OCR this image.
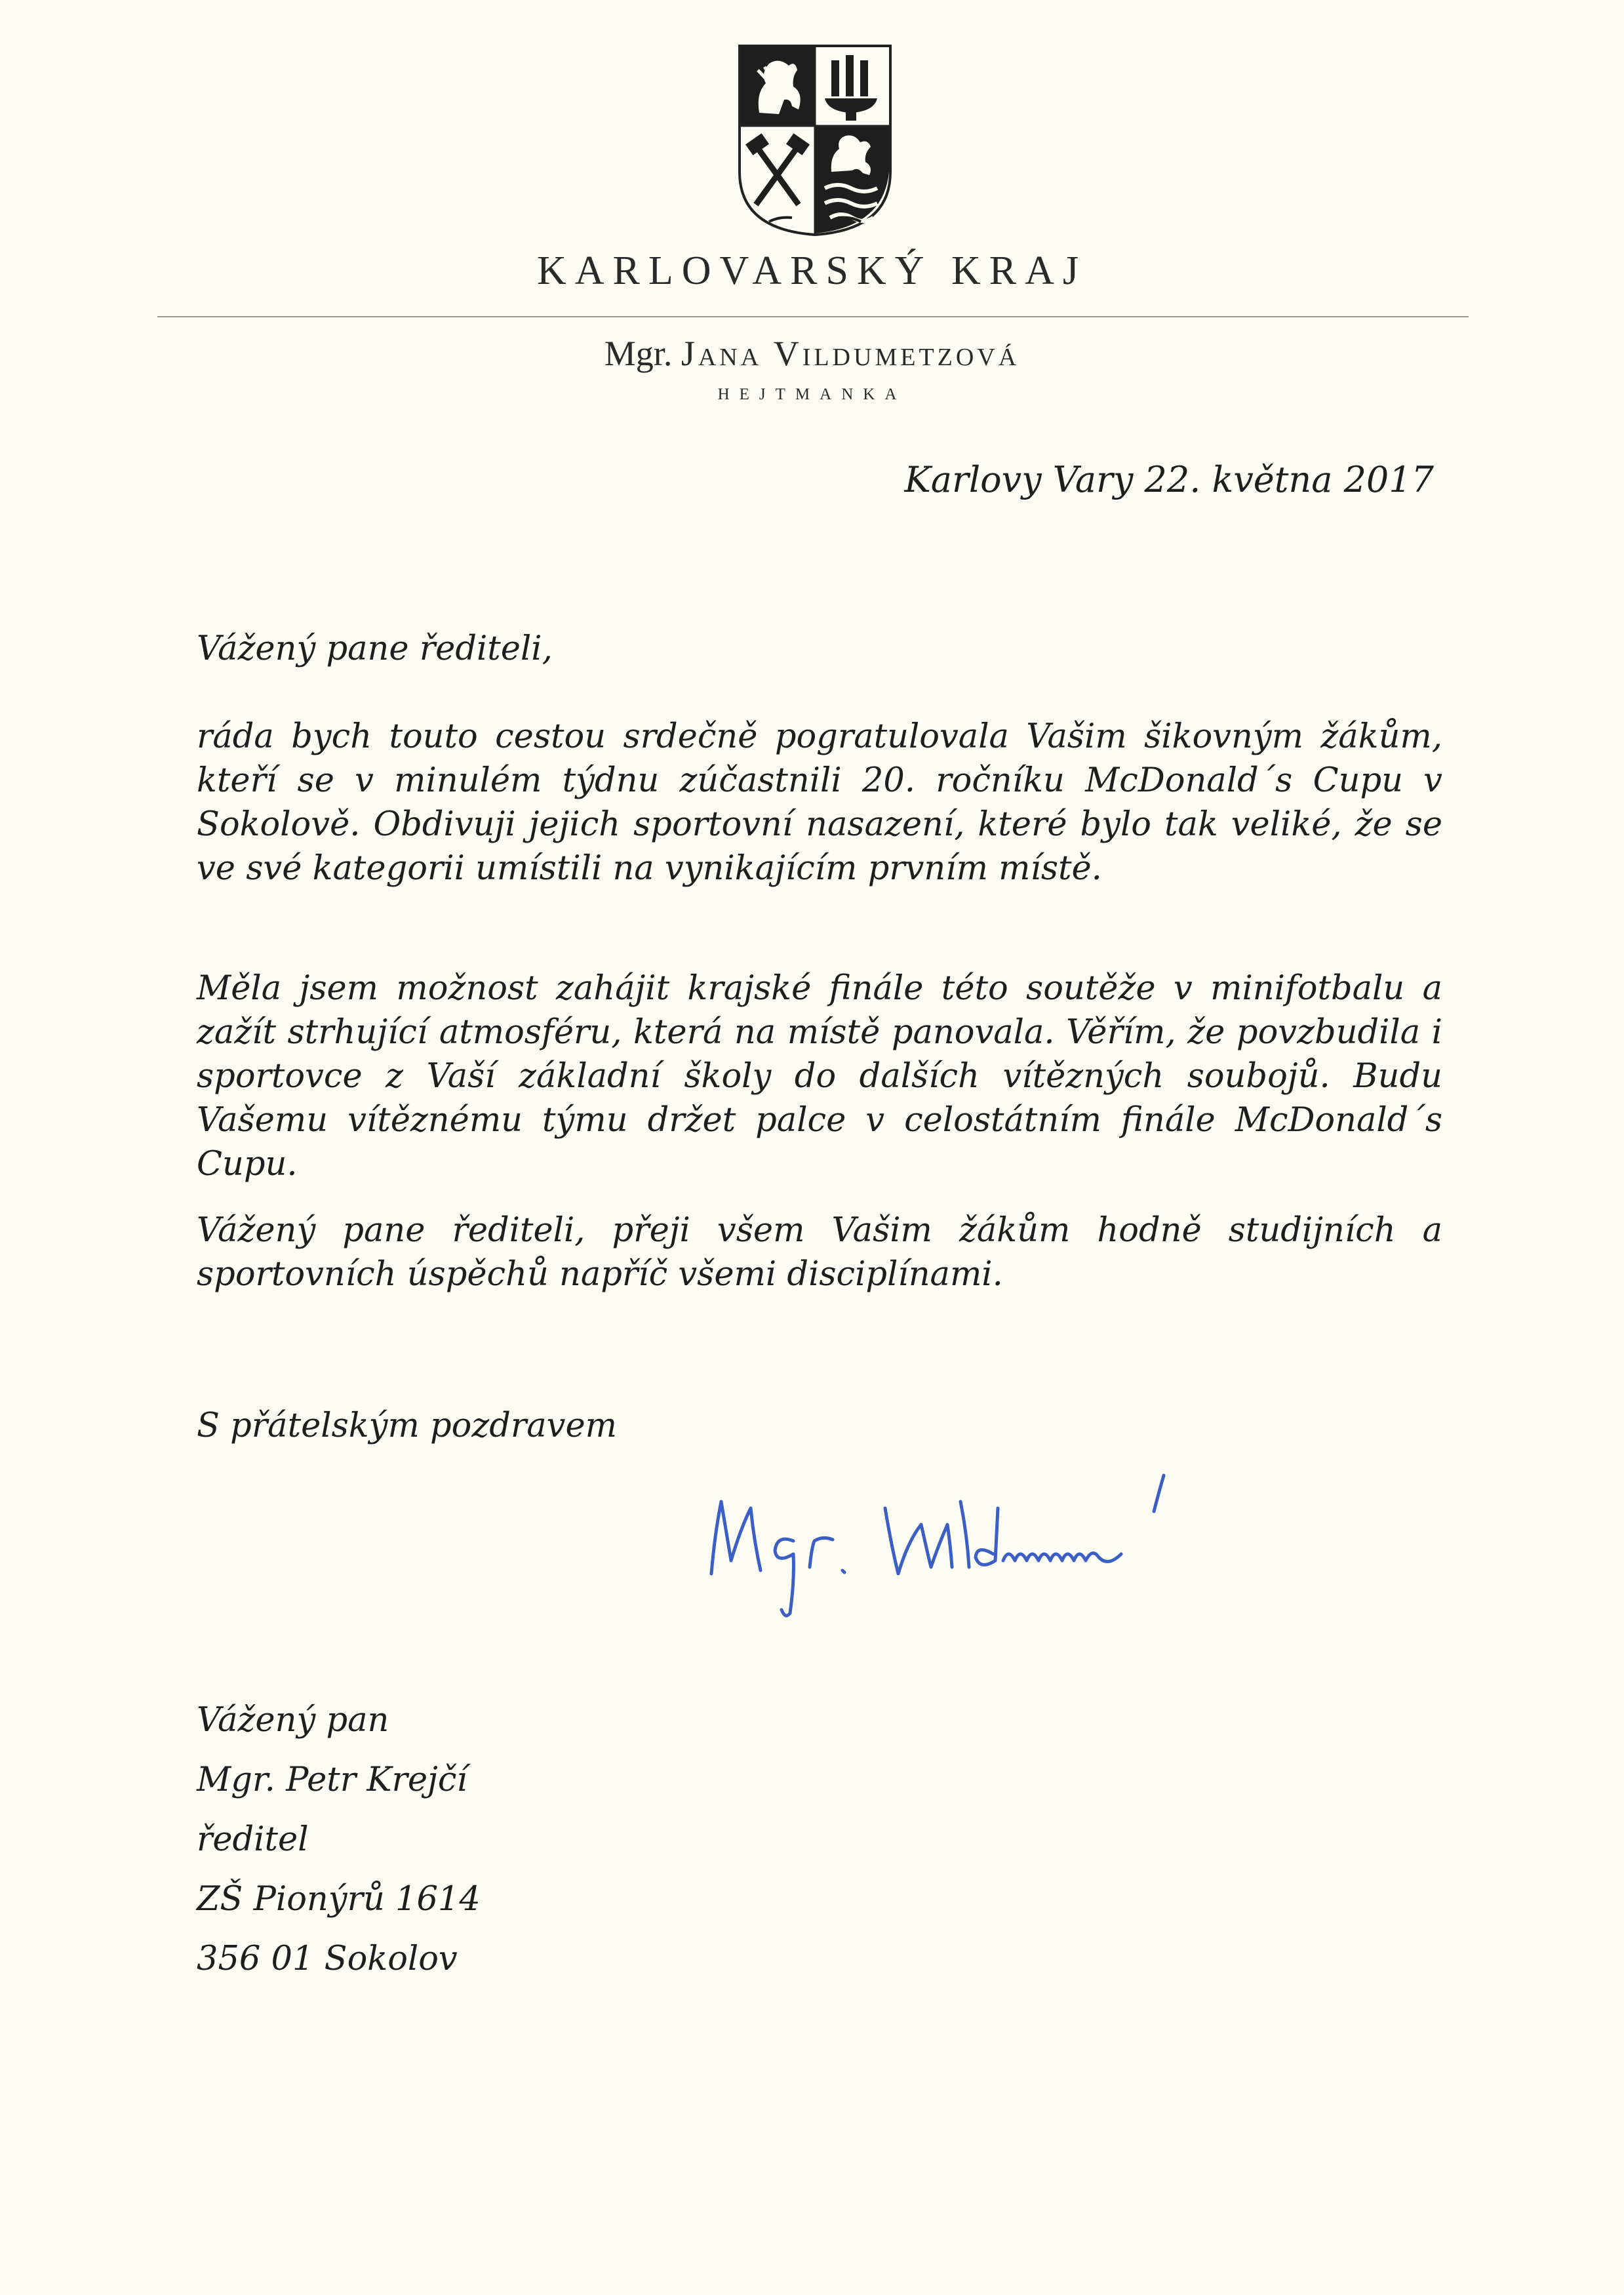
KARLOVARSKÝ KRAJ
Mgr. Jana Vildumetzová
HEJTMANKA
Karlovy Vary 22. května 2017
Vážený pane řediteli,

ráda bych touto cestou srdečně pogratulovala Vašim šikovným žákům, kteří se v minulém týdnu zúčastnili 20. ročníku McDonald´s Cupu v Sokolově. Obdivuji jejich sportovní nasazení, které bylo tak veliké, že se ve své kategorii umístili na vynikajícím prvním místě.

Měla jsem možnost zahájit krajské finále této soutěže v minifotbalu a zažít strhující atmosféru, která na místě panovala. Věřím, že povzbudila i sportovce z Vaší základní školy do dalších vítězných soubojů. Budu Vašemu vítěznému týmu držet palce v celostátním finále McDonald´s Cupu.

Vážený pane řediteli, přeji všem Vašim žákům hodně studijních a sportovních úspěchů napříč všemi disciplínami.

S přátelským pozdravem
Vážený pan
Mgr. Petr Krejčí
ředitel
ZŠ Pionýrů 1614
356 01 Sokolov
